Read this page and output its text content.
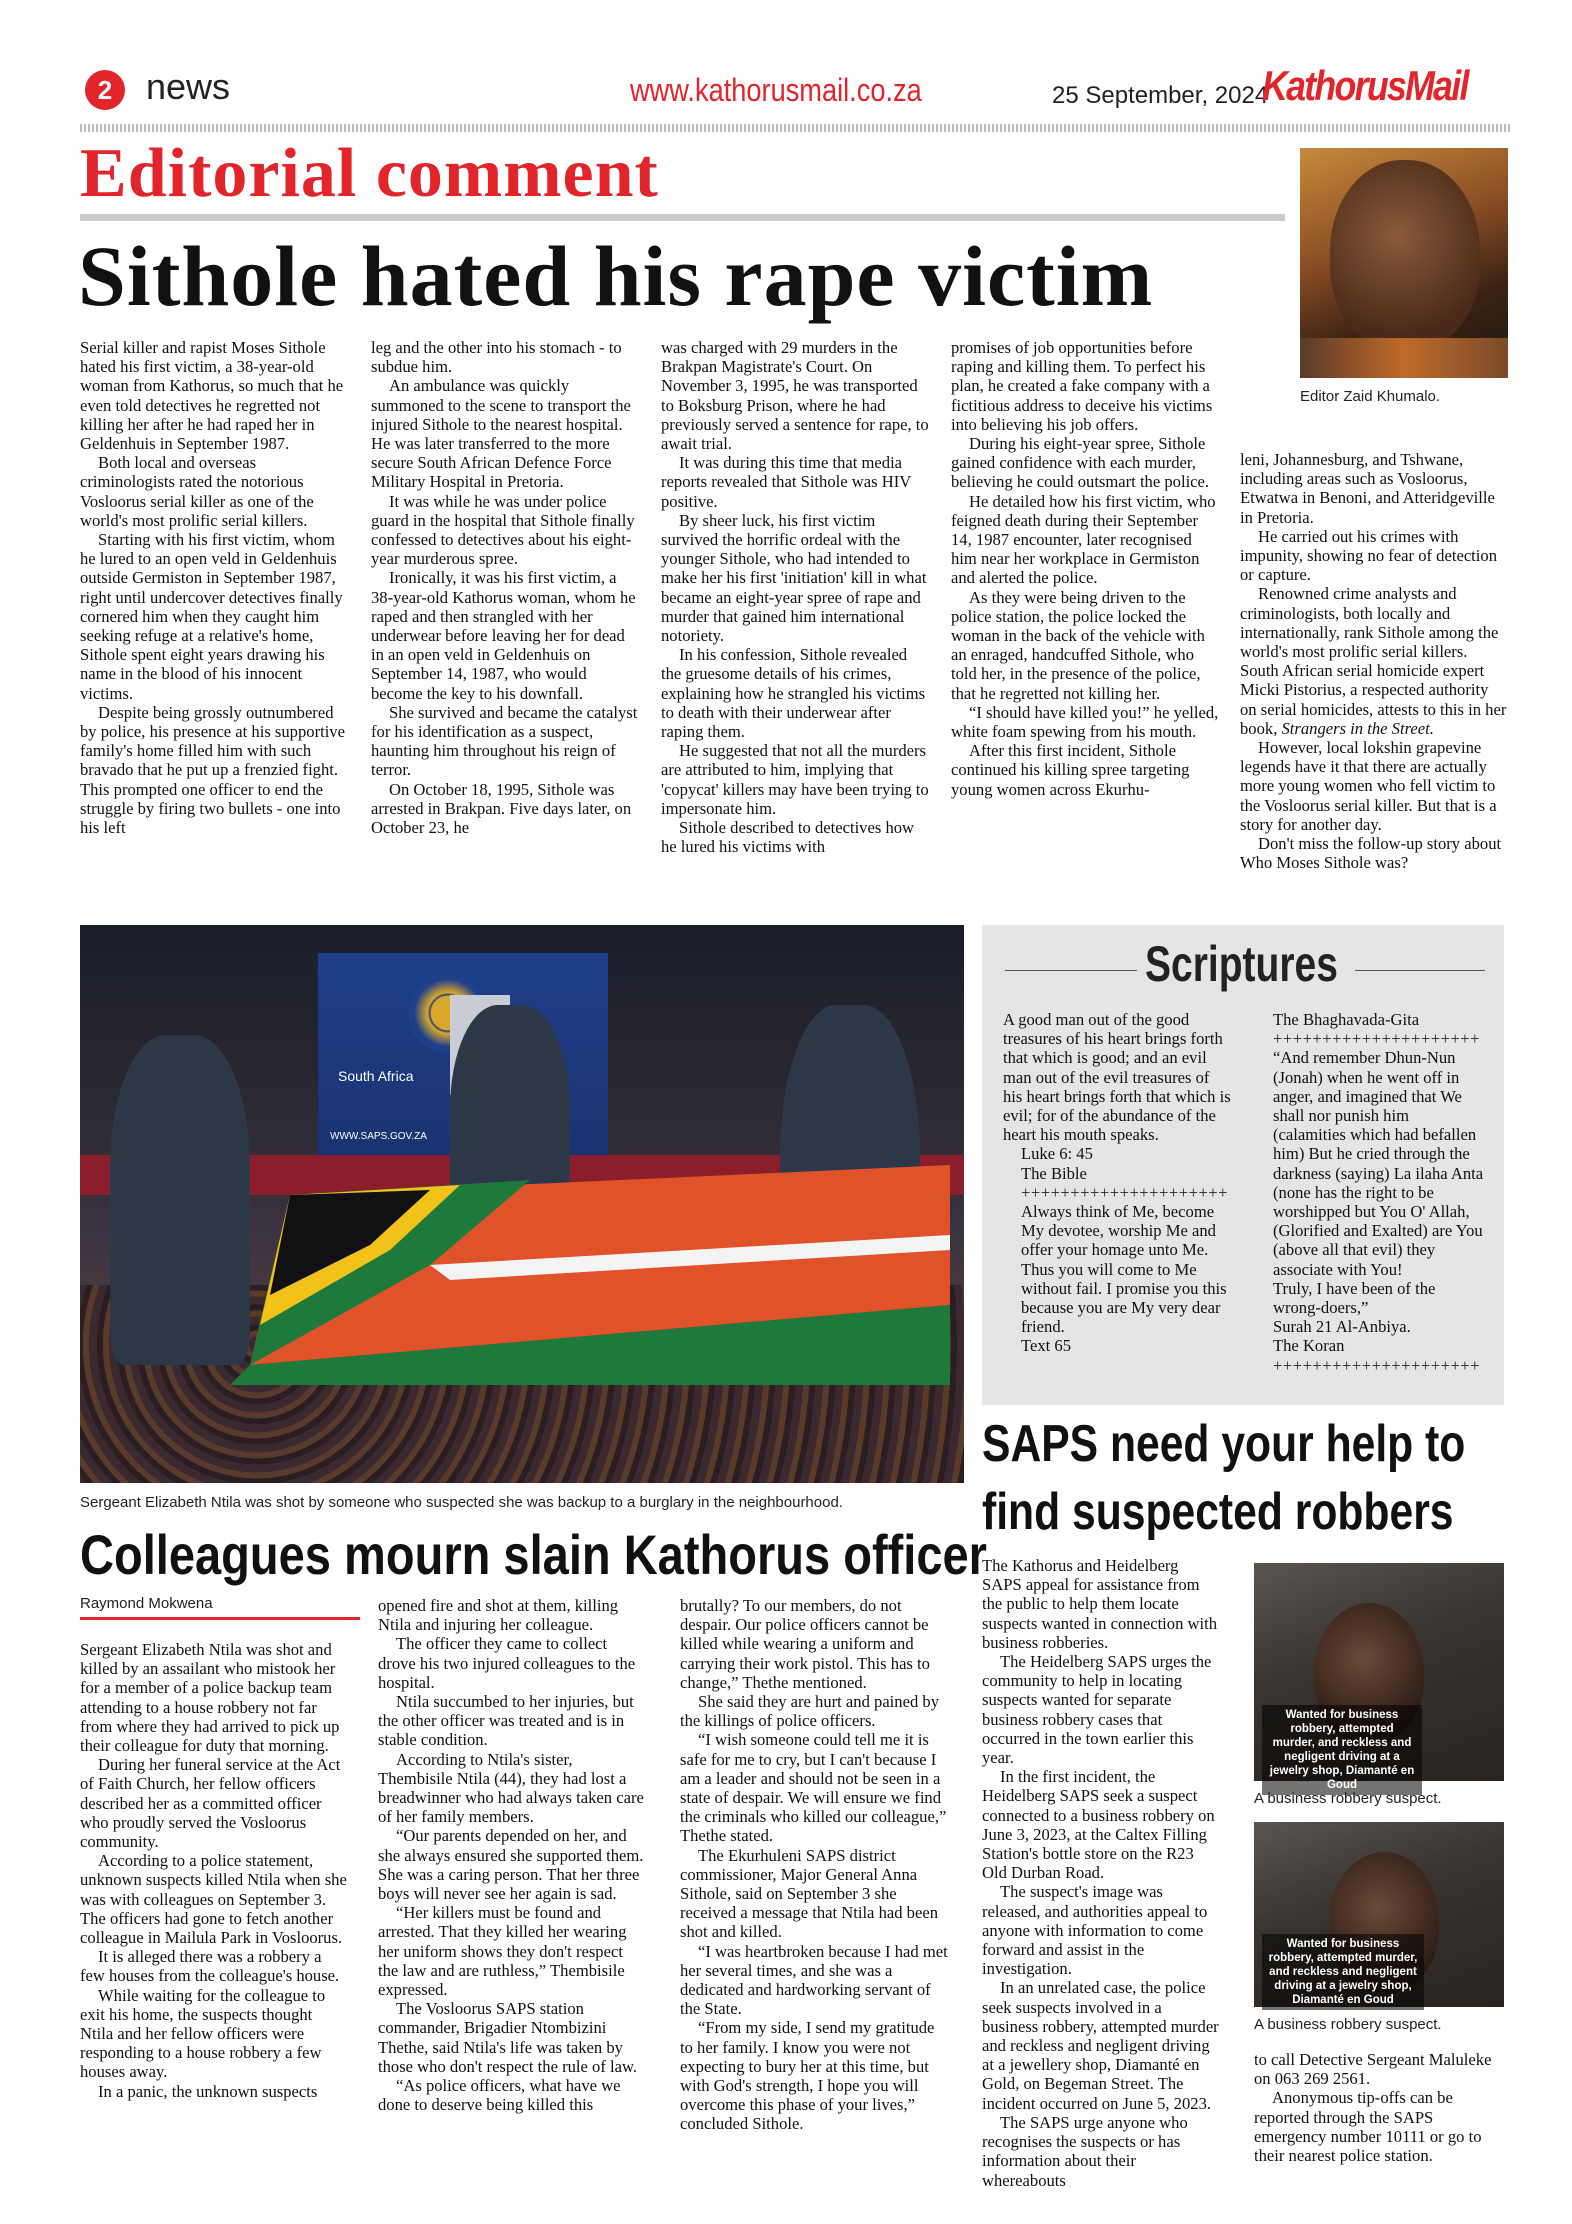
2 news	www.kathorusmail.co.za	25 September, 2024
KathorusMail
Editorial comment
Sithole hated his rape victim
Editor Zaid Khumalo.

Serial killer and rapist Moses Sithole hated his first victim, a 38-year-old woman from Kathorus, so much that he even told detectives he regretted not killing her after he had raped her in Geldenhuis in September 1987.

Both local and overseas criminologists rated the notorious Vosloorus serial killer as one of the world's most prolific serial killers.

Starting with his first victim, whom he lured to an open veld in Geldenhuis outside Germiston in September 1987, right until undercover detectives finally cornered him when they caught him seeking refuge at a relative's home, Sithole spent eight years drawing his name in the blood of his innocent victims.

Despite being grossly outnumbered by police, his presence at his supportive family's home filled him with such bravado that he put up a frenzied fight. This prompted one officer to end the struggle by firing two bullets - one into his left

leg and the other into his stomach - to subdue him.

An ambulance was quickly summoned to the scene to transport the injured Sithole to the nearest hospital. He was later transferred to the more secure South African Defence Force Military Hospital in Pretoria.

It was while he was under police guard in the hospital that Sithole finally confessed to detectives about his eight-year murderous spree.

Ironically, it was his first victim, a 38-year-old Kathorus woman, whom he raped and then strangled with her underwear before leaving her for dead in an open veld in Geldenhuis on September 14, 1987, who would become the key to his downfall.

She survived and became the catalyst for his identification as a suspect, haunting him throughout his reign of terror.

On October 18, 1995, Sithole was arrested in Brakpan. Five days later, on October 23, he

was charged with 29 murders in the Brakpan Magistrate's Court. On November 3, 1995, he was transported to Boksburg Prison, where he had previously served a sentence for rape, to await trial.

It was during this time that media reports revealed that Sithole was HIV positive.

By sheer luck, his first victim survived the horrific ordeal with the younger Sithole, who had intended to make her his first 'initiation' kill in what became an eight-year spree of rape and murder that gained him international notoriety.

In his confession, Sithole revealed the gruesome details of his crimes, explaining how he strangled his victims to death with their underwear after raping them.

He suggested that not all the murders are attributed to him, implying that 'copycat' killers may have been trying to impersonate him.

Sithole described to detectives how he lured his victims with

promises of job opportunities before raping and killing them. To perfect his plan, he created a fake company with a fictitious address to deceive his victims into believing his job offers.

During his eight-year spree, Sithole gained confidence with each murder, believing he could outsmart the police.

He detailed how his first victim, who feigned death during their September 14, 1987 encounter, later recognised him near her workplace in Germiston and alerted the police.

As they were being driven to the police station, the police locked the woman in the back of the vehicle with an enraged, handcuffed Sithole, who told her, in the presence of the police, that he regretted not killing her.

“I should have killed you!” he yelled, white foam spewing from his mouth.

After this first incident, Sithole continued his killing spree targeting young women across Ekurhu-

leni, Johannesburg, and Tshwane, including areas such as Vosloorus, Etwatwa in Benoni, and Atteridgeville in Pretoria.

He carried out his crimes with impunity, showing no fear of detection or capture.

Renowned crime analysts and criminologists, both locally and internationally, rank Sithole among the world's most prolific serial killers. South African serial homicide expert Micki Pistorius, a respected authority on serial homicides, attests to this in her book, Strangers in the Street.

However, local lokshin grapevine legends have it that there are actually more young women who fell victim to the Vosloorus serial killer. But that is a story for another day.

Don't miss the follow-up story about Who Moses Sithole was?

South Africa
WWW.SAPS.GOV.ZA
Sergeant Elizabeth Ntila was shot by someone who suspected she was backup to a burglary in the neighbourhood.
Scriptures
A good man out of the good treasures of his heart brings forth that which is good; and an evil man out of the evil treasures of his heart brings forth that which is evil; for of the abundance of the heart his mouth speaks.
Luke 6: 45
The Bible
+++++++++++++++++++++
Always think of Me, become My devotee, worship Me and offer your homage unto Me. Thus you will come to Me without fail. I promise you this because you are My very dear friend.
Text 65
The Bhaghavada-Gita
+++++++++++++++++++++
“And remember Dhun-Nun (Jonah) when he went off in anger, and imagined that We shall nor punish him (calamities which had befallen him) But he cried through the darkness (saying) La ilaha Anta (none has the right to be worshipped but You O' Allah, (Glorified and Exalted) are You (above all that evil) they associate with You!
Truly, I have been of the wrong-doers,”
Surah 21 Al-Anbiya.
The Koran
+++++++++++++++++++++
SAPS need your help to
find suspected robbers

The Kathorus and Heidelberg SAPS appeal for assistance from the public to help them locate suspects wanted in connection with business robberies.

The Heidelberg SAPS urges the community to help in locating suspects wanted for separate business robbery cases that occurred in the town earlier this year.

In the first incident, the Heidelberg SAPS seek a suspect connected to a business robbery on June 3, 2023, at the Caltex Filling Station's bottle store on the R23 Old Durban Road.

The suspect's image was released, and authorities appeal to anyone with information to come forward and assist in the investigation.

In an unrelated case, the police seek suspects involved in a business robbery, attempted murder and reckless and negligent driving at a jewellery shop, Diamanté en Gold, on Begeman Street. The incident occurred on June 5, 2023.

The SAPS urge anyone who recognises the suspects or has information about their whereabouts

Wanted for business robbery, attempted murder, and reckless and negligent driving at a jewelry shop, Diamanté en Goud
A business robbery suspect.
Wanted for business robbery, attempted murder, and reckless and negligent driving at a jewelry shop, Diamanté en Goud
A business robbery suspect.

to call Detective Sergeant Maluleke on 063 269 2561.

Anonymous tip-offs can be reported through the SAPS emergency number 10111 or go to their nearest police station.

Colleagues mourn slain Kathorus officer
Raymond Mokwena

Sergeant Elizabeth Ntila was shot and killed by an assailant who mistook her for a member of a police backup team attending to a house robbery not far from where they had arrived to pick up their colleague for duty that morning.

During her funeral service at the Act of Faith Church, her fellow officers described her as a committed officer who proudly served the Vosloorus community.

According to a police statement, unknown suspects killed Ntila when she was with colleagues on September 3. The officers had gone to fetch another colleague in Mailula Park in Vosloorus.

It is alleged there was a robbery a few houses from the colleague's house.

While waiting for the colleague to exit his home, the suspects thought Ntila and her fellow officers were responding to a house robbery a few houses away.

In a panic, the unknown suspects

opened fire and shot at them, killing Ntila and injuring her colleague.

The officer they came to collect drove his two injured colleagues to the hospital.

Ntila succumbed to her injuries, but the other officer was treated and is in stable condition.

According to Ntila's sister, Thembisile Ntila (44), they had lost a breadwinner who had always taken care of her family members.

“Our parents depended on her, and she always ensured she supported them. She was a caring person. That her three boys will never see her again is sad.

“Her killers must be found and arrested. That they killed her wearing her uniform shows they don't respect the law and are ruthless,” Thembisile expressed.

The Vosloorus SAPS station commander, Brigadier Ntombizini Thethe, said Ntila's life was taken by those who don't respect the rule of law.

“As police officers, what have we done to deserve being killed this

brutally? To our members, do not despair. Our police officers cannot be killed while wearing a uniform and carrying their work pistol. This has to change,” Thethe mentioned.

She said they are hurt and pained by the killings of police officers.

“I wish someone could tell me it is safe for me to cry, but I can't because I am a leader and should not be seen in a state of despair. We will ensure we find the criminals who killed our colleague,” Thethe stated.

The Ekurhuleni SAPS district commissioner, Major General Anna Sithole, said on September 3 she received a message that Ntila had been shot and killed.

“I was heartbroken because I had met her several times, and she was a dedicated and hardworking servant of the State.

“From my side, I send my gratitude to her family. I know you were not expecting to bury her at this time, but with God's strength, I hope you will overcome this phase of your lives,” concluded Sithole.
